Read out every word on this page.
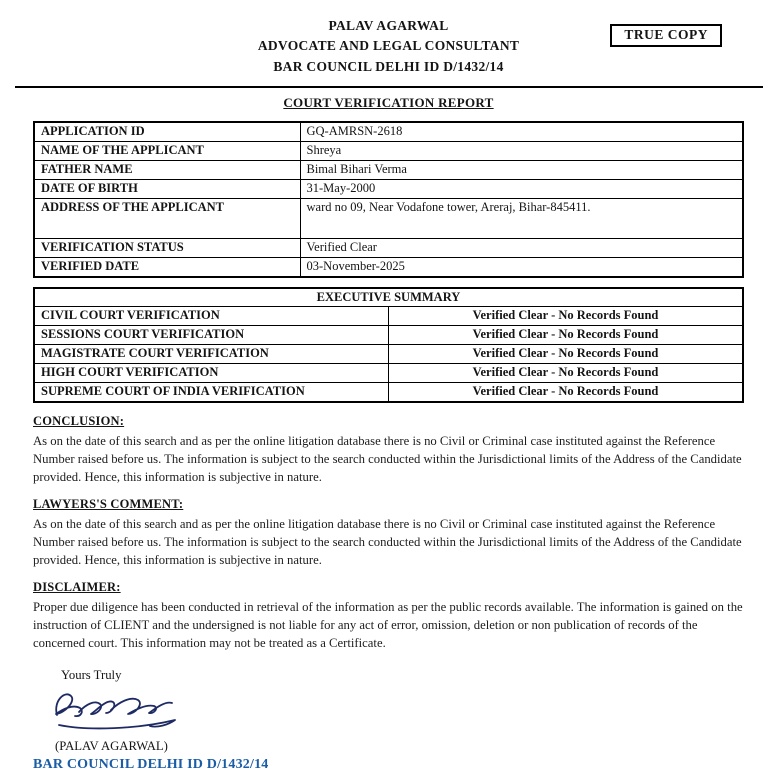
PALAV AGARWAL
ADVOCATE AND LEGAL CONSULTANT
BAR COUNCIL DELHI ID D/1432/14
TRUE COPY
COURT VERIFICATION REPORT
APPLICATION ID	GQ-AMRSN-2618
NAME OF THE APPLICANT	Shreya
FATHER NAME	Bimal Bihari Verma
DATE OF BIRTH	31-May-2000
ADDRESS OF THE APPLICANT	ward no 09, Near Vodafone tower, Areraj, Bihar-845411.
VERIFICATION STATUS	Verified Clear
VERIFIED DATE	03-November-2025
EXECUTIVE SUMMARY	
CIVIL COURT VERIFICATION	Verified Clear - No Records Found
SESSIONS COURT VERIFICATION	Verified Clear - No Records Found
MAGISTRATE COURT VERIFICATION	Verified Clear - No Records Found
HIGH COURT VERIFICATION	Verified Clear - No Records Found
SUPREME COURT OF INDIA VERIFICATION	Verified Clear - No Records Found
CONCLUSION:

As on the date of this search and as per the online litigation database there is no Civil or Criminal case instituted against the Reference Number raised before us. The information is subject to the search conducted within the Jurisdictional limits of the Address of the Candidate provided. Hence, this information is subjective in nature.

LAWYERS'S COMMENT:

As on the date of this search and as per the online litigation database there is no Civil or Criminal case instituted against the Reference Number raised before us. The information is subject to the search conducted within the Jurisdictional limits of the Address of the Candidate provided. Hence, this information is subjective in nature.

DISCLAIMER:

Proper due diligence has been conducted in retrieval of the information as per the public records available. The information is gained on the instruction of CLIENT and the undersigned is not liable for any act of error, omission, deletion or non publication of records of the concerned court. This information may not be treated as a Certificate.

Yours Truly
(PALAV AGARWAL)
BAR COUNCIL DELHI ID D/1432/14
